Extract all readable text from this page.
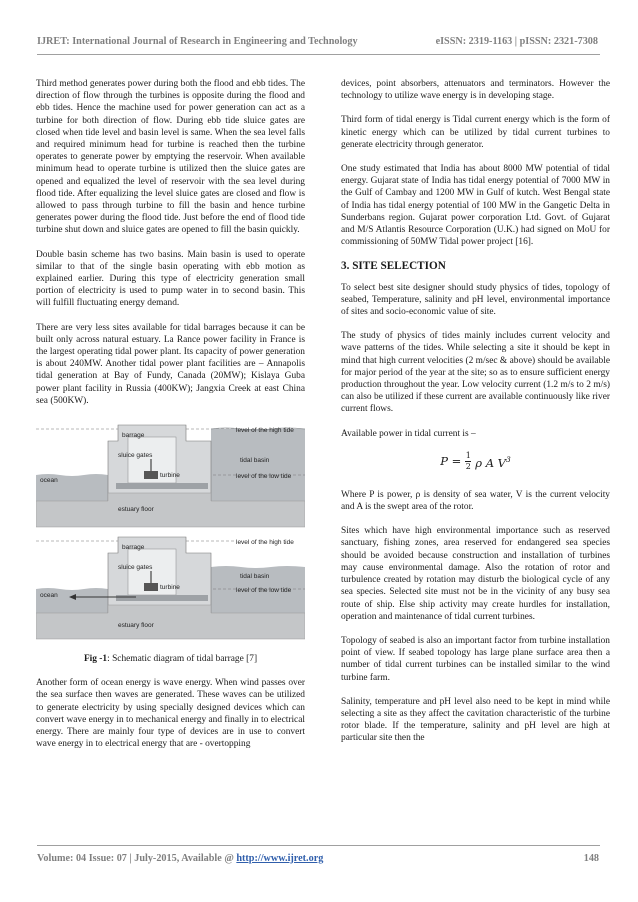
IJRET: International Journal of Research in Engineering and Technology	eISSN: 2319-1163 | pISSN: 2321-7308

Third method generates power during both the flood and ebb tides. The direction of flow through the turbines is opposite during the flood and ebb tides. Hence the machine used for power generation can act as a turbine for both direction of flow. During ebb tide sluice gates are closed when tide level and basin level is same. When the sea level falls and required minimum head for turbine is reached then the turbine operates to generate power by emptying the reservoir. When available minimum head to operate turbine is utilized then the sluice gates are opened and equalized the level of reservoir with the sea level during flood tide. After equalizing the level sluice gates are closed and flow is allowed to pass through turbine to fill the basin and hence turbine generates power during the flood tide. Just before the end of flood tide turbine shut down and sluice gates are opened to fill the basin quickly.

Double basin scheme has two basins. Main basin is used to operate similar to that of the single basin operating with ebb motion as explained earlier. During this type of electricity generation small portion of electricity is used to pump water in to second basin. This will fulfill fluctuating energy demand.

There are very less sites available for tidal barrages because it can be built only across natural estuary. La Rance power facility in France is the largest operating tidal power plant. Its capacity of power generation is about 240MW. Another tidal power plant facilities are – Annapolis tidal generation at Bay of Fundy, Canada (20MW); Kislaya Guba power plant facility in Russia (400KW); Jangxia Creek at east China sea (500KW).

level of the high tide
barrage
sluice gates
tidal basin
ocean
turbine	level of the low tide
estuary floor
level of the high tide
barrage
sluice gates
tidal basin
ocean
turbine	level of the low tide
estuary floor
Fig -1: Schematic diagram of tidal barrage [7]

Another form of ocean energy is wave energy. When wind passes over the sea surface then waves are generated. These waves can be utilized to generate electricity by using specially designed devices which can convert wave energy in to mechanical energy and finally in to electrical energy. There are mainly four type of devices are in use to convert wave energy in to electrical energy that are - overtopping

devices, point absorbers, attenuators and terminators. However the technology to utilize wave energy is in developing stage.

Third form of tidal energy is Tidal current energy which is the form of kinetic energy which can be utilized by tidal current turbines to generate electricity through generator.

One study estimated that India has about 8000 MW potential of tidal energy. Gujarat state of India has tidal energy potential of 7000 MW in the Gulf of Cambay and 1200 MW in Gulf of kutch. West Bengal state of India has tidal energy potential of 100 MW in the Gangetic Delta in Sunderbans region. Gujarat power corporation Ltd. Govt. of Gujarat and M/S Atlantis Resource Corporation (U.K.) had signed on MoU for commissioning of 50MW Tidal power project [16].

3. SITE SELECTION

To select best site designer should study physics of tides, topology of seabed, Temperature, salinity and pH level, environmental importance of sites and socio-economic value of site.

The study of physics of tides mainly includes current velocity and wave patterns of the tides. While selecting a site it should be kept in mind that high current velocities (2 m/sec & above) should be available for major period of the year at the site; so as to ensure sufficient energy production throughout the year. Low velocity current (1.2 m/s to 2 m/s) can also be utilized if these current are available continuously like river current flows.

Available power in tidal current is –

$P = \frac{1}{2}$ ρ A $V^3$

Where P is power, ρ is density of sea water, V is the current velocity and A is the swept area of the rotor.

Sites which have high environmental importance such as reserved sanctuary, fishing zones, area reserved for endangered sea species should be avoided because construction and installation of turbines may cause environmental damage. Also the rotation of rotor and turbulence created by rotation may disturb the biological cycle of any sea species. Selected site must not be in the vicinity of any busy sea route of ship. Else ship activity may create hurdles for installation, operation and maintenance of tidal current turbines.

Topology of seabed is also an important factor from turbine installation point of view. If seabed topology has large plane surface area then a number of tidal current turbines can be installed similar to the wind turbine farm.

Salinity, temperature and pH level also need to be kept in mind while selecting a site as they affect the cavitation characteristic of the turbine rotor blade. If the temperature, salinity and pH level are high at particular site then the

Volume: 04 Issue: 07 | July-2015, Available @ http://www.ijret.org	148
